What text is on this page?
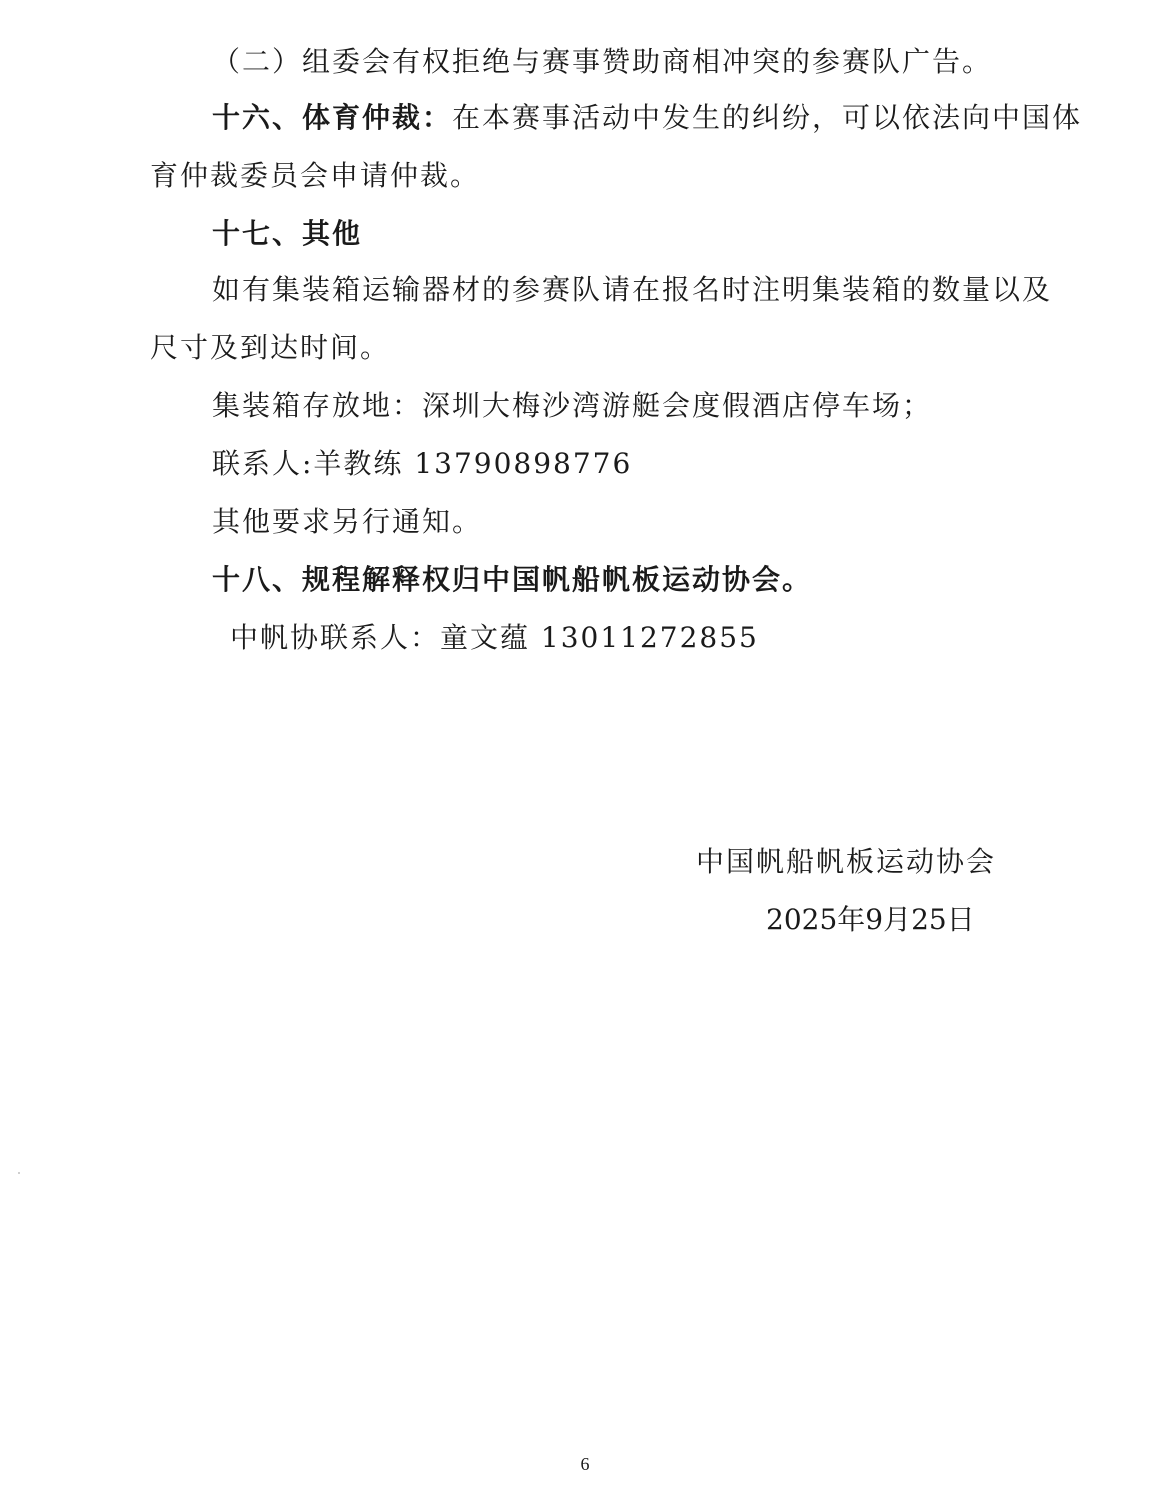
（二）组委会有权拒绝与赛事赞助商相冲突的参赛队广告。
十六、体育仲裁：在本赛事活动中发生的纠纷，可以依法向中国体
育仲裁委员会申请仲裁。
十七、其他
如有集装箱运输器材的参赛队请在报名时注明集装箱的数量以及
尺寸及到达时间。
集装箱存放地：深圳大梅沙湾游艇会度假酒店停车场；
联系人:羊教练 13790898776
其他要求另行通知。
十八、规程解释权归中国帆船帆板运动协会。
中帆协联系人：童文蕴 13011272855
中国帆船帆板运动协会
2025年9月25日
6
